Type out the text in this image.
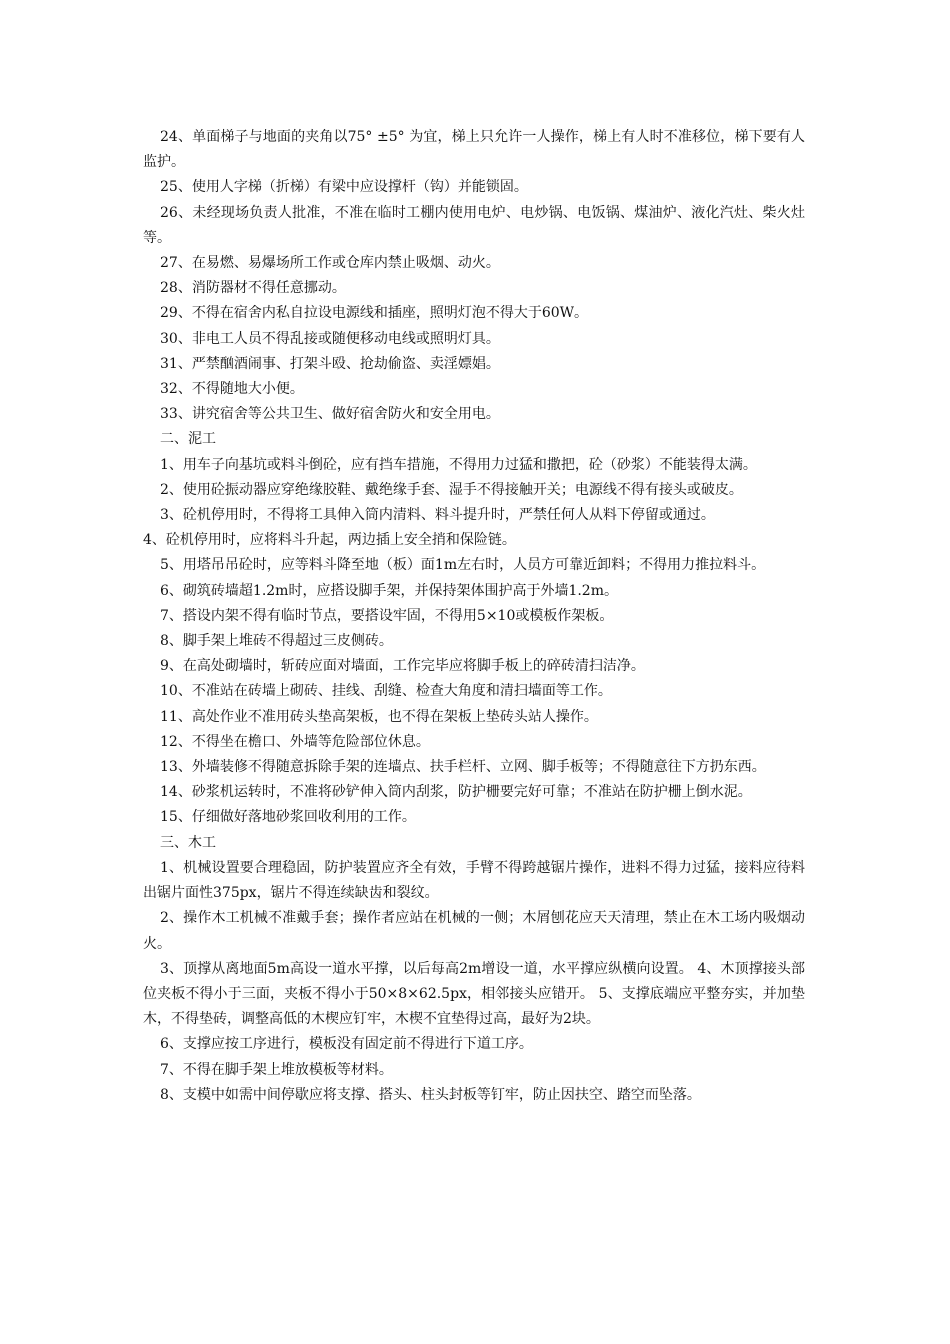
24、单面梯子与地面的夹角以75° ±5° 为宜，梯上只允许一人操作，梯上有人时不准移位，梯下要有人监护。

25、使用人字梯（折梯）有梁中应设撑杆（钩）并能锁固。

26、未经现场负责人批准，不准在临时工棚内使用电炉、电炒锅、电饭锅、煤油炉、液化汽灶、柴火灶等。

27、在易燃、易爆场所工作或仓库内禁止吸烟、动火。

28、消防器材不得任意挪动。

29、不得在宿舍内私自拉设电源线和插座，照明灯泡不得大于60W。

30、非电工人员不得乱接或随便移动电线或照明灯具。

31、严禁酗酒闹事、打架斗殴、抢劫偷盗、卖淫嫖娼。

32、不得随地大小便。

33、讲究宿舍等公共卫生、做好宿舍防火和安全用电。

二、泥工

1、用车子向基坑或料斗倒砼，应有挡车措施，不得用力过猛和撒把，砼（砂浆）不能装得太满。

2、使用砼振动器应穿绝缘胶鞋、戴绝缘手套、湿手不得接触开关；电源线不得有接头或破皮。

3、砼机停用时，不得将工具伸入筒内清料、料斗提升时，严禁任何人从料下停留或通过。

4、砼机停用时，应将料斗升起，两边插上安全捎和保险链。

5、用塔吊吊砼时，应等料斗降至地（板）面1m左右时，人员方可靠近卸料；不得用力推拉料斗。

6、砌筑砖墙超1.2m时，应搭设脚手架，并保持架体围护高于外墙1.2m。

7、搭设内架不得有临时节点，要搭设牢固，不得用5×10或模板作架板。

8、脚手架上堆砖不得超过三皮侧砖。

9、在高处砌墙时，斩砖应面对墙面，工作完毕应将脚手板上的碎砖清扫洁净。

10、不准站在砖墙上砌砖、挂线、刮缝、检查大角度和清扫墙面等工作。

11、高处作业不准用砖头垫高架板，也不得在架板上垫砖头站人操作。

12、不得坐在檐口、外墙等危险部位休息。

13、外墙装修不得随意拆除手架的连墙点、扶手栏杆、立网、脚手板等；不得随意往下方扔东西。

14、砂浆机运转时，不准将砂铲伸入筒内刮浆，防护栅要完好可靠；不准站在防护栅上倒水泥。

15、仔细做好落地砂浆回收利用的工作。

三、木工

1、机械设置要合理稳固，防护装置应齐全有效，手臂不得跨越锯片操作，进料不得力过猛，接料应待料出锯片面性375px，锯片不得连续缺齿和裂纹。

2、操作木工机械不准戴手套；操作者应站在机械的一侧；木屑刨花应天天清理，禁止在木工场内吸烟动火。

3、顶撑从离地面5m高设一道水平撑，以后每高2m增设一道，水平撑应纵横向设置。 4、木顶撑接头部位夹板不得小于三面，夹板不得小于50×8×62.5px，相邻接头应错开。 5、支撑底端应平整夯实，并加垫木，不得垫砖，调整高低的木楔应钉牢，木楔不宜垫得过高，最好为2块。

6、支撑应按工序进行，模板没有固定前不得进行下道工序。

7、不得在脚手架上堆放模板等材料。

8、支模中如需中间停歇应将支撑、搭头、柱头封板等钉牢，防止因扶空、踏空而坠落。
